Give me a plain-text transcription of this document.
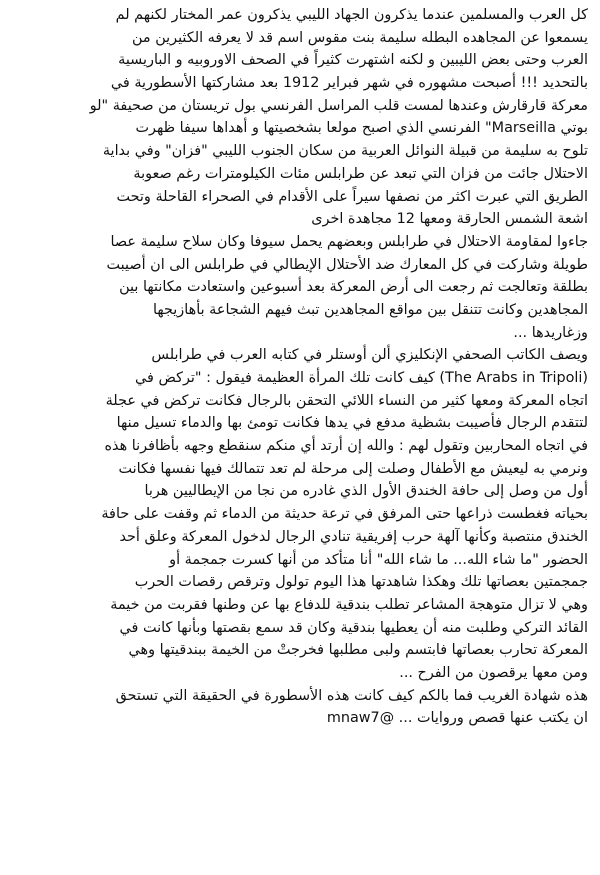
كل العرب والمسلمين عندما يذكرون الجهاد الليبي يذكرون عمر المختار لكنهم لم
يسمعوا عن المجاهده البطله سليمة بنت مقوس اسم قد لا يعرفه الكثيرين من
العرب وحتى بعض الليبين و لكنه اشتهرت كثيراً في الصحف الاوروبيه و الباريسية
بالتحديد !!! أصبحت مشهوره في شهر فبراير 1912 بعد مشاركتها الأسطورية في
معركة قارقارش وعندها لمست قلب المراسل الفرنسي بول تريستان من صحيفة "لو
بوتي Marseilla" الفرنسي الذي اصبح مولعا بشخصيتها و أهداها سيفا ظهرت
تلوح به سليمة من قبيلة النوائل العربية من سكان الجنوب الليبي "فزان" وفي بداية
الاحتلال جائت من فزان التي تبعد عن طرابلس مئات الكيلومترات رغم صعوبة
الطريق التي عبرت اكثر من نصفها سيراً على الأقدام في الصحراء القاحلة وتحت
اشعة الشمس الحارقة ومعها 12 مجاهدة اخرى
جاءوا لمقاومة الاحتلال في طرابلس وبعضهم يحمل سيوفا وكان سلاح سليمة عصا
طويلة وشاركت في كل المعارك ضد الأحتلال الإيطالي في طرابلس الى ان أصيبت
بطلقة وتعالجت ثم رجعت الى أرض المعركة بعد أسبوعين واستعادت مكانتها بين
المجاهدين وكانت تتنقل بين مواقع المجاهدين تبث فيهم الشجاعة بأهازيجها
وزغاريدها ...
ويصف الكاتب الصحفي الإنكليزي ألن أوستلر في كتابه العرب في طرابلس
(The Arabs in Tripoli) كيف كانت تلك المرأة العظيمة فيقول : "تركض في
اتجاه المعركة ومعها كثير من النساء اللائي التحقن بالرجال فكانت تركض في عجلة
لتتقدم الرجال فأصيبت بشظية مدفع في يدها فكانت تومئ بها والدماء تسيل منها
في اتجاه المحاربين وتقول لهم : والله إن أرتد أي منكم سنقطع وجهه بأظافرنا هذه
ونرمي به ليعيش مع الأطفال وصلت إلى مرحلة لم تعد تتمالك فيها نفسها فكانت
أول من وصل إلى حافة الخندق الأول الذي غادره من نجا من الإيطاليين هربا
بحياته فغطست ذراعها حتى المرفق في ترعة حديثة من الدماء ثم وقفت على حافة
الخندق منتصبة وكأنها آلهة حرب إفريقية تنادي الرجال لدخول المعركة وعلق أحد
الحضور "ما شاء الله... ما شاء الله" أنا متأكد من أنها كسرت جمجمة أو
جمجمتين بعصاتها تلك وهكذا شاهدتها هذا اليوم تولول وترقص رقصات الحرب
وهي لا تزال متوهجة المشاعر تطلب بندقية للدفاع بها عن وطنها فقربت من خيمة
القائد التركي وطلبت منه أن يعطيها بندقية وكان قد سمع بقصتها وبأنها كانت في
المعركة تحارب بعصاتها فابتسم ولبى مطلبها فخرجتْ من الخيمة ببندقيتها وهي
ومن معها يرقصون من الفرح ...
هذه شهادة الغريب فما بالكم كيف كانت هذه الأسطورة في الحقيقة التي تستحق
ان يكتب عنها قصص وروايات ... @mnaw7
